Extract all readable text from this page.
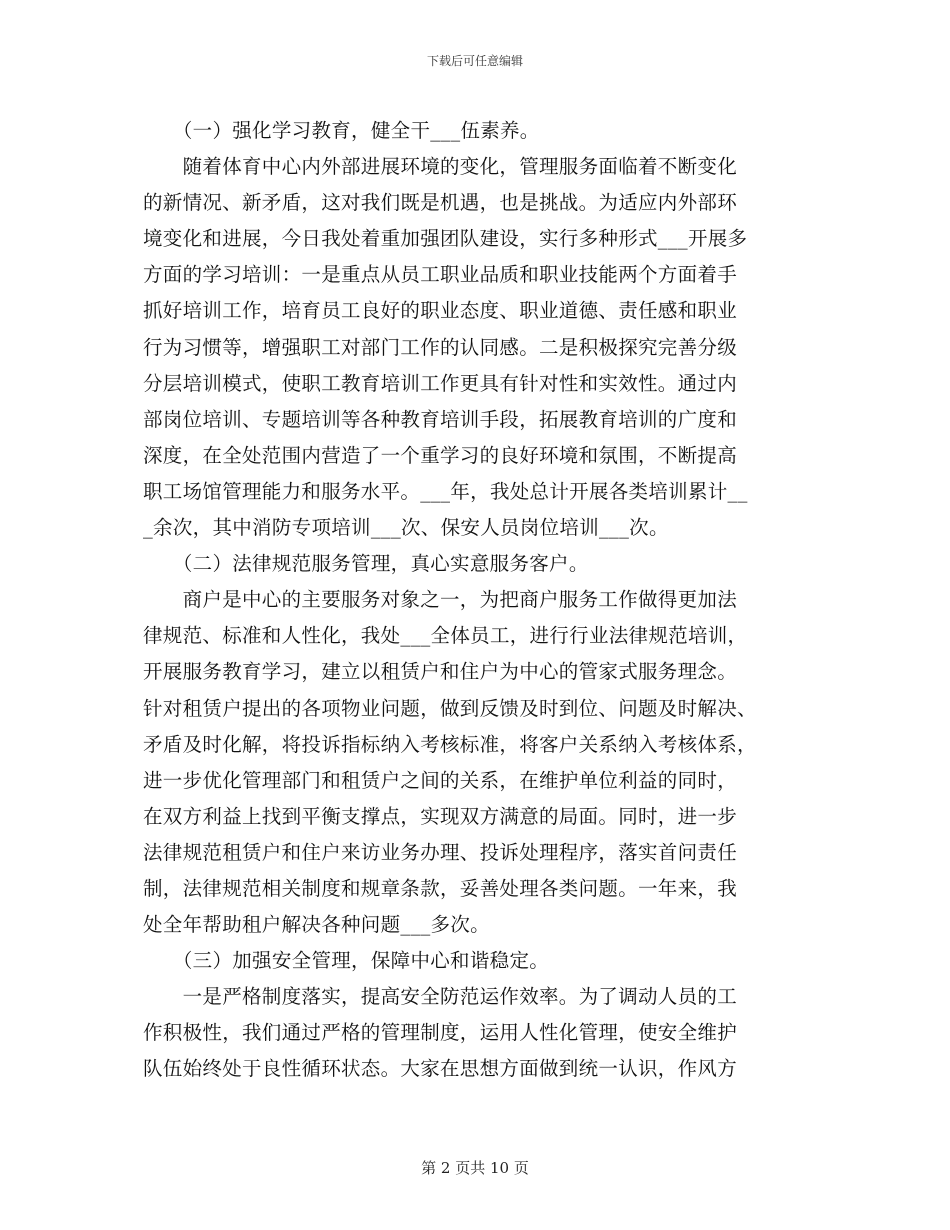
下载后可任意编辑
　　（一）强化学习教育，健全干___伍素养。
　　随着体育中心内外部进展环境的变化，管理服务面临着不断变化
的新情况、新矛盾，这对我们既是机遇，也是挑战。为适应内外部环
境变化和进展，今日我处着重加强团队建设，实行多种形式___开展多
方面的学习培训：一是重点从员工职业品质和职业技能两个方面着手
抓好培训工作，培育员工良好的职业态度、职业道德、责任感和职业
行为习惯等，增强职工对部门工作的认同感。二是积极探究完善分级
分层培训模式，使职工教育培训工作更具有针对性和实效性。通过内
部岗位培训、专题培训等各种教育培训手段，拓展教育培训的广度和
深度，在全处范围内营造了一个重学习的良好环境和氛围，不断提高
职工场馆管理能力和服务水平。___年，我处总计开展各类培训累计__
_余次，其中消防专项培训___次、保安人员岗位培训___次。
　　（二）法律规范服务管理，真心实意服务客户。
　　商户是中心的主要服务对象之一，为把商户服务工作做得更加法
律规范、标准和人性化，我处___全体员工，进行行业法律规范培训，
开展服务教育学习，建立以租赁户和住户为中心的管家式服务理念。
针对租赁户提出的各项物业问题，做到反馈及时到位、问题及时解决、
矛盾及时化解，将投诉指标纳入考核标准，将客户关系纳入考核体系，
进一步优化管理部门和租赁户之间的关系，在维护单位利益的同时，
在双方利益上找到平衡支撑点，实现双方满意的局面。同时，进一步
法律规范租赁户和住户来访业务办理、投诉处理程序，落实首问责任
制，法律规范相关制度和规章条款，妥善处理各类问题。一年来，我
处全年帮助租户解决各种问题___多次。
　　（三）加强安全管理，保障中心和谐稳定。
　　一是严格制度落实，提高安全防范运作效率。为了调动人员的工
作积极性，我们通过严格的管理制度，运用人性化管理，使安全维护
队伍始终处于良性循环状态。大家在思想方面做到统一认识，作风方
第 2 页共 10 页
